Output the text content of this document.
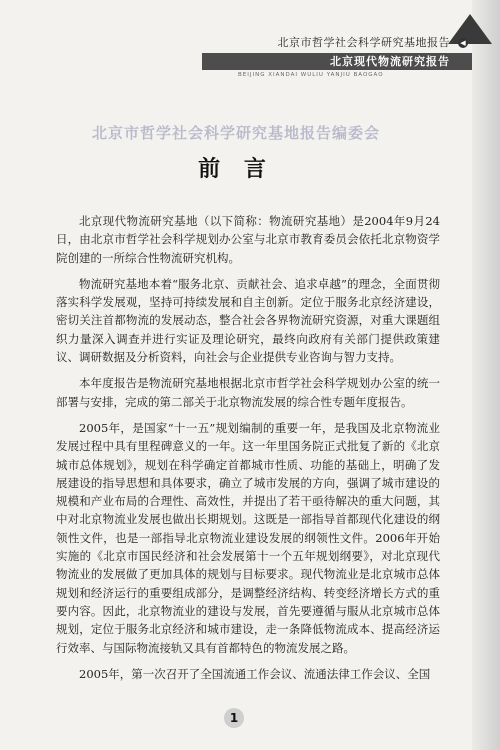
北京市哲学社会科学研究基地报告
北京现代物流研究报告
BEIJING XIANDAI WULIU YANJIU BAOGAO
◀
北京市哲学社会科学研究基地报告编委会
前 言

北京现代物流研究基地（以下简称：物流研究基地）是2004年9月24日，由北京市哲学社会科学规划办公室与北京市教育委员会依托北京物资学院创建的一所综合性物流研究机构。

物流研究基地本着“服务北京、贡献社会、追求卓越”的理念，全面贯彻落实科学发展观，坚持可持续发展和自主创新。定位于服务北京经济建设，密切关注首都物流的发展动态，整合社会各界物流研究资源，对重大课题组织力量深入调查并进行实证及理论研究，最终向政府有关部门提供政策建议、调研数据及分析资料，向社会与企业提供专业咨询与智力支持。

本年度报告是物流研究基地根据北京市哲学社会科学规划办公室的统一部署与安排，完成的第二部关于北京物流发展的综合性专题年度报告。

2005年，是国家“十一五”规划编制的重要一年，是我国及北京物流业发展过程中具有里程碑意义的一年。这一年里国务院正式批复了新的《北京城市总体规划》，规划在科学确定首都城市性质、功能的基础上，明确了发展建设的指导思想和具体要求，确立了城市发展的方向，强调了城市建设的规模和产业布局的合理性、高效性，并提出了若干亟待解决的重大问题，其中对北京物流业发展也做出长期规划。这既是一部指导首都现代化建设的纲领性文件，也是一部指导北京物流业建设发展的纲领性文件。2006年开始实施的《北京市国民经济和社会发展第十一个五年规划纲要》，对北京现代物流业的发展做了更加具体的规划与目标要求。现代物流业是北京城市总体规划和经济运行的重要组成部分，是调整经济结构、转变经济增长方式的重要内容。因此，北京物流业的建设与发展，首先要遵循与服从北京城市总体规划，定位于服务北京经济和城市建设，走一条降低物流成本、提高经济运行效率、与国际物流接轨又具有首都特色的物流发展之路。

2005年，第一次召开了全国流通工作会议、流通法律工作会议、全国

1
